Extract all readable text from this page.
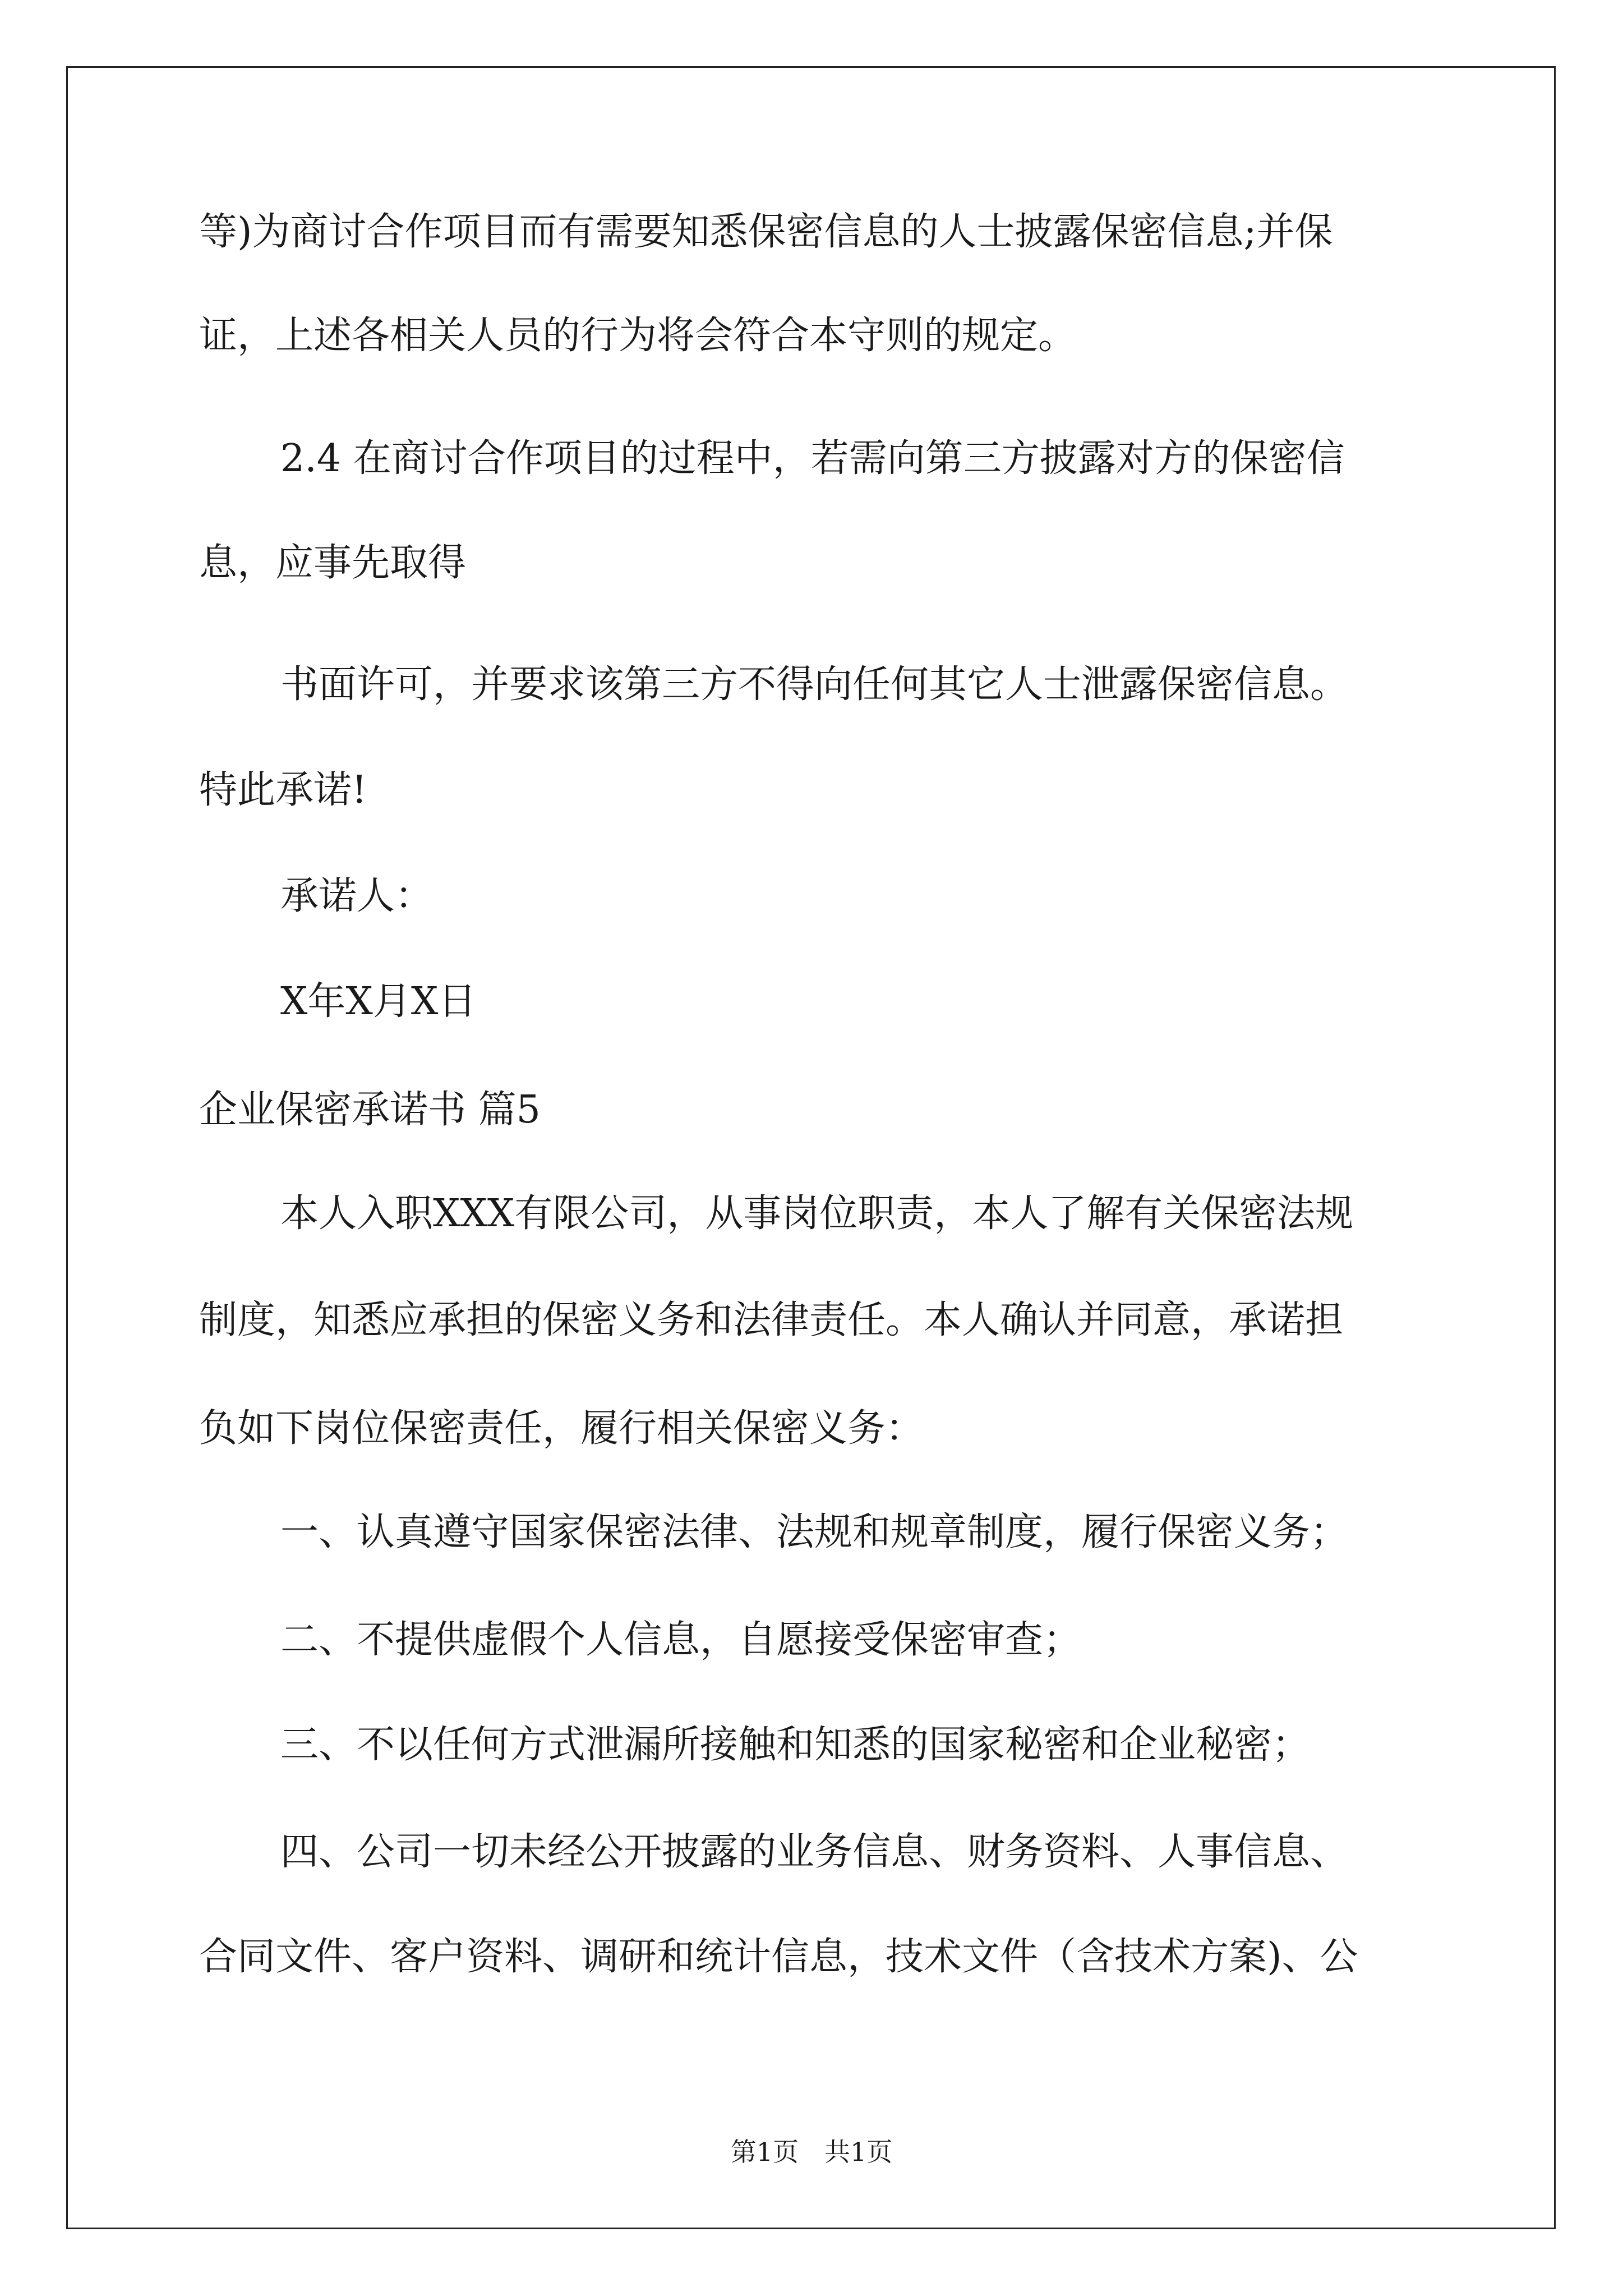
等)为商讨合作项目而有需要知悉保密信息的人士披露保密信息;并保
证，上述各相关人员的行为将会符合本守则的规定。
2.4 在商讨合作项目的过程中，若需向第三方披露对方的保密信
息，应事先取得
书面许可，并要求该第三方不得向任何其它人士泄露保密信息。
特此承诺!
承诺人：
X年X月X日
企业保密承诺书 篇5
本人入职XXX有限公司，从事岗位职责，本人了解有关保密法规
制度，知悉应承担的保密义务和法律责任。本人确认并同意，承诺担
负如下岗位保密责任，履行相关保密义务：
一、认真遵守国家保密法律、法规和规章制度，履行保密义务；
二、不提供虚假个人信息，自愿接受保密审查；
三、不以任何方式泄漏所接触和知悉的国家秘密和企业秘密；
四、公司一切未经公开披露的业务信息、财务资料、人事信息、
合同文件、客户资料、调研和统计信息，技术文件（含技术方案)、公
第1页　共1页
